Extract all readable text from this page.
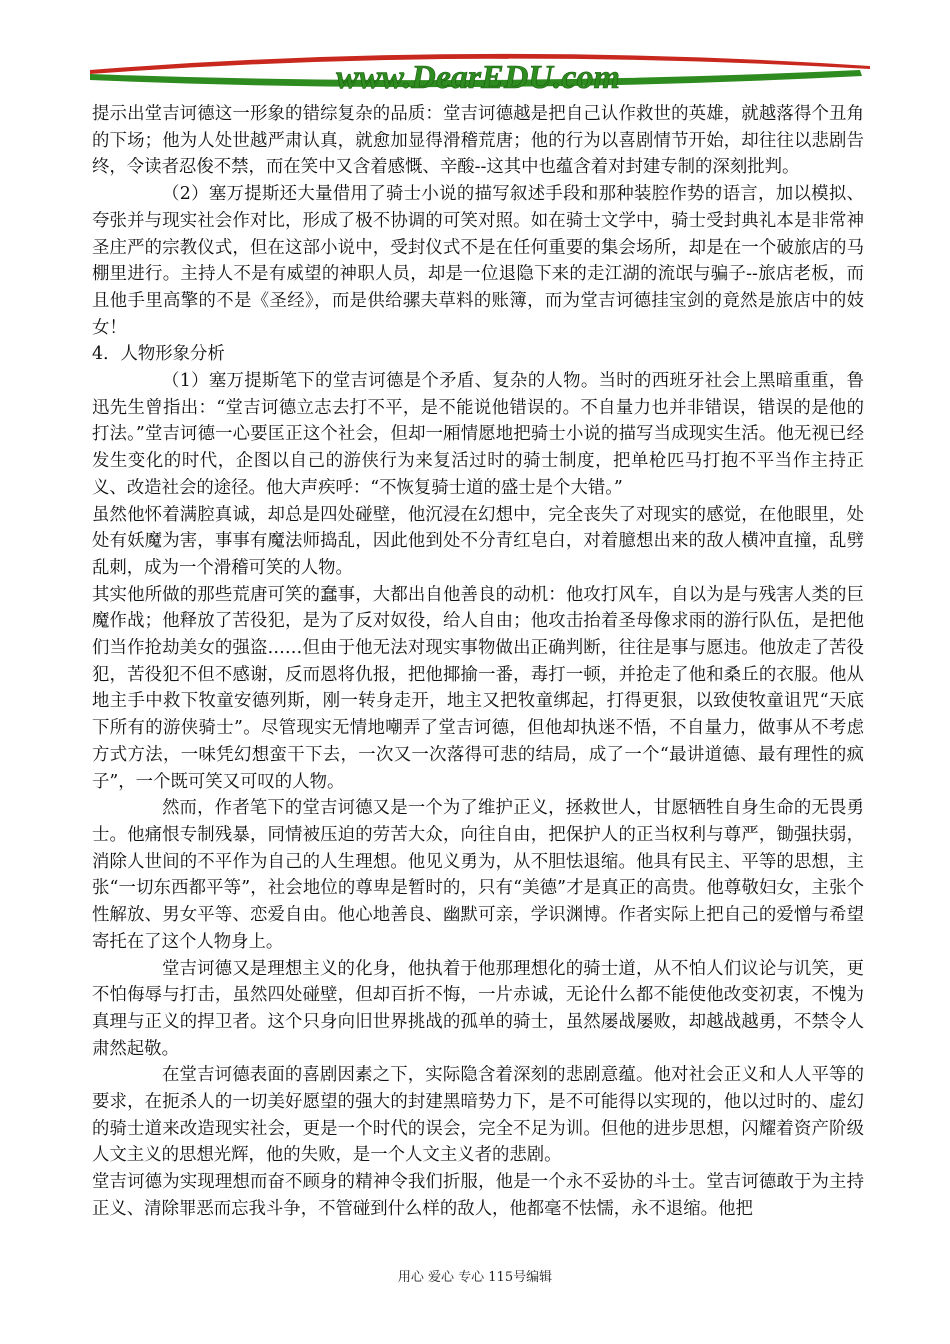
www.DearEDU.com

提示出堂吉诃德这一形象的错综复杂的品质：堂吉诃德越是把自己认作救世的英雄，就越落得个丑角的下场；他为人处世越严肃认真，就愈加显得滑稽荒唐；他的行为以喜剧情节开始，却往往以悲剧告终，令读者忍俊不禁，而在笑中又含着感慨、辛酸--这其中也蕴含着对封建专制的深刻批判。

（2）塞万提斯还大量借用了骑士小说的描写叙述手段和那种装腔作势的语言，加以模拟、夸张并与现实社会作对比，形成了极不协调的可笑对照。如在骑士文学中，骑士受封典礼本是非常神圣庄严的宗教仪式，但在这部小说中，受封仪式不是在任何重要的集会场所，却是在一个破旅店的马棚里进行。主持人不是有威望的神职人员，却是一位退隐下来的走江湖的流氓与骗子--旅店老板，而且他手里高擎的不是《圣经》，而是供给骡夫草料的账簿，而为堂吉诃德挂宝剑的竟然是旅店中的妓女！

4．人物形象分析

（1）塞万提斯笔下的堂吉诃德是个矛盾、复杂的人物。当时的西班牙社会上黑暗重重，鲁迅先生曾指出：“堂吉诃德立志去打不平，是不能说他错误的。不自量力也并非错误，错误的是他的打法。”堂吉诃德一心要匡正这个社会，但却一厢情愿地把骑士小说的描写当成现实生活。他无视已经发生变化的时代，企图以自己的游侠行为来复活过时的骑士制度，把单枪匹马打抱不平当作主持正义、改造社会的途径。他大声疾呼：“不恢复骑士道的盛士是个大错。”

虽然他怀着满腔真诚，却总是四处碰壁，他沉浸在幻想中，完全丧失了对现实的感觉，在他眼里，处处有妖魔为害，事事有魔法师捣乱，因此他到处不分青红皂白，对着臆想出来的敌人横冲直撞，乱劈乱刺，成为一个滑稽可笑的人物。

其实他所做的那些荒唐可笑的蠢事，大都出自他善良的动机：他攻打风车，自以为是与残害人类的巨魔作战；他释放了苦役犯，是为了反对奴役，给人自由；他攻击抬着圣母像求雨的游行队伍，是把他们当作抢劫美女的强盗……但由于他无法对现实事物做出正确判断，往往是事与愿违。他放走了苦役犯，苦役犯不但不感谢，反而恩将仇报，把他揶揄一番，毒打一顿，并抢走了他和桑丘的衣服。他从地主手中救下牧童安德列斯，刚一转身走开，地主又把牧童绑起，打得更狠，以致使牧童诅咒“天底下所有的游侠骑士”。尽管现实无情地嘲弄了堂吉诃德，但他却执迷不悟，不自量力，做事从不考虑方式方法，一味凭幻想蛮干下去，一次又一次落得可悲的结局，成了一个“最讲道德、最有理性的疯子”，一个既可笑又可叹的人物。

然而，作者笔下的堂吉诃德又是一个为了维护正义，拯救世人，甘愿牺牲自身生命的无畏勇士。他痛恨专制残暴，同情被压迫的劳苦大众，向往自由，把保护人的正当权利与尊严，锄强扶弱，消除人世间的不平作为自己的人生理想。他见义勇为，从不胆怯退缩。他具有民主、平等的思想，主张“一切东西都平等”，社会地位的尊卑是暂时的，只有“美德”才是真正的高贵。他尊敬妇女，主张个性解放、男女平等、恋爱自由。他心地善良、幽默可亲，学识渊博。作者实际上把自己的爱憎与希望寄托在了这个人物身上。

堂吉诃德又是理想主义的化身，他执着于他那理想化的骑士道，从不怕人们议论与讥笑，更不怕侮辱与打击，虽然四处碰壁，但却百折不悔，一片赤诚，无论什么都不能使他改变初衷，不愧为真理与正义的捍卫者。这个只身向旧世界挑战的孤单的骑士，虽然屡战屡败，却越战越勇，不禁令人肃然起敬。

在堂吉诃德表面的喜剧因素之下，实际隐含着深刻的悲剧意蕴。他对社会正义和人人平等的要求，在扼杀人的一切美好愿望的强大的封建黑暗势力下，是不可能得以实现的，他以过时的、虚幻的骑士道来改造现实社会，更是一个时代的误会，完全不足为训。但他的进步思想，闪耀着资产阶级人文主义的思想光辉，他的失败，是一个人文主义者的悲剧。

堂吉诃德为实现理想而奋不顾身的精神令我们折服，他是一个永不妥协的斗士。堂吉诃德敢于为主持正义、清除罪恶而忘我斗争，不管碰到什么样的敌人，他都毫不怯懦，永不退缩。他把

用心 爱心 专心 115号编辑
